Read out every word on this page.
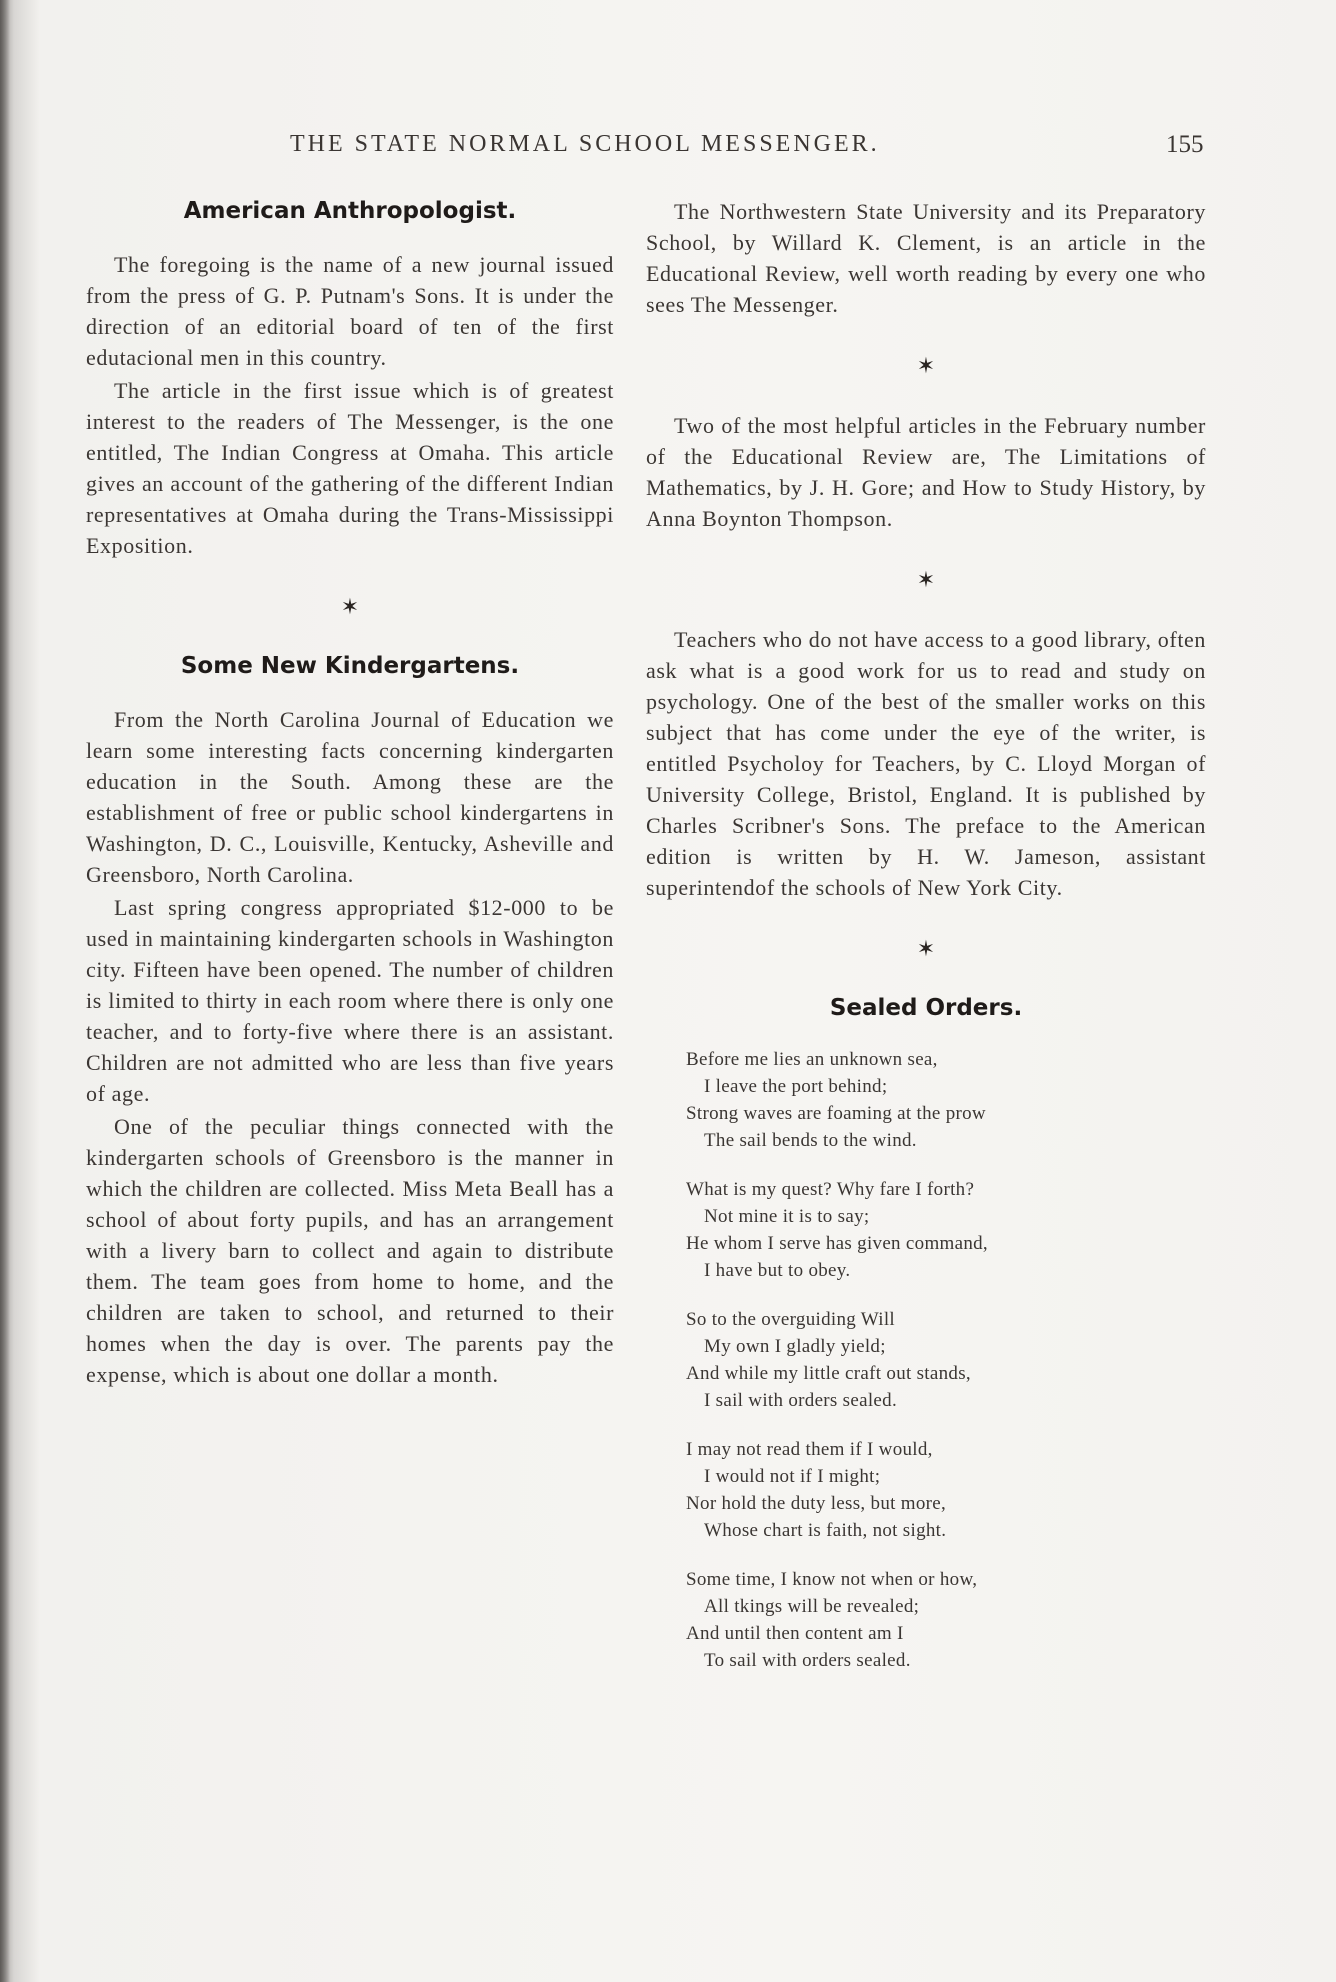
THE STATE NORMAL SCHOOL MESSENGER.	155
American Anthropologist.

The foregoing is the name of a new journal issued from the press of G. P. Putnam's Sons. It is under the direction of an editorial board of ten of the first edutacional men in this country.

The article in the first issue which is of greatest interest to the readers of The Messenger, is the one entitled, The Indian Congress at Omaha. This article gives an account of the gathering of the different Indian representatives at Omaha during the Trans-Mississippi Exposition.

✶
Some New Kindergartens.

From the North Carolina Journal of Education we learn some interesting facts concerning kindergarten education in the South. Among these are the establishment of free or public school kindergartens in Washington, D. C., Louisville, Kentucky, Asheville and Greensboro, North Carolina.

Last spring congress appropriated $12-000 to be used in maintaining kindergarten schools in Washington city. Fifteen have been opened. The number of children is limited to thirty in each room where there is only one teacher, and to forty-five where there is an assistant. Children are not admitted who are less than five years of age.

One of the peculiar things connected with the kindergarten schools of Greensboro is the manner in which the children are collected. Miss Meta Beall has a school of about forty pupils, and has an arrangement with a livery barn to collect and again to distribute them. The team goes from home to home, and the children are taken to school, and returned to their homes when the day is over. The parents pay the expense, which is about one dollar a month.

The Northwestern State University and its Preparatory School, by Willard K. Clement, is an article in the Educational Review, well worth reading by every one who sees The Messenger.

✶

Two of the most helpful articles in the February number of the Educational Review are, The Limitations of Mathematics, by J. H. Gore; and How to Study History, by Anna Boynton Thompson.

✶

Teachers who do not have access to a good library, often ask what is a good work for us to read and study on psychology. One of the best of the smaller works on this subject that has come under the eye of the writer, is entitled Psycholoy for Teachers, by C. Lloyd Morgan of University College, Bristol, England. It is published by Charles Scribner's Sons. The preface to the American edition is written by H. W. Jameson, assistant superintendof the schools of New York City.

✶
Sealed Orders.
Before me lies an unknown sea,
I leave the port behind;
Strong waves are foaming at the prow
The sail bends to the wind.
What is my quest? Why fare I forth?
Not mine it is to say;
He whom I serve has given command,
I have but to obey.
So to the overguiding Will
My own I gladly yield;
And while my little craft out stands,
I sail with orders sealed.
I may not read them if I would,
I would not if I might;
Nor hold the duty less, but more,
Whose chart is faith, not sight.
Some time, I know not when or how,
All tkings will be revealed;
And until then content am I
To sail with orders sealed.
